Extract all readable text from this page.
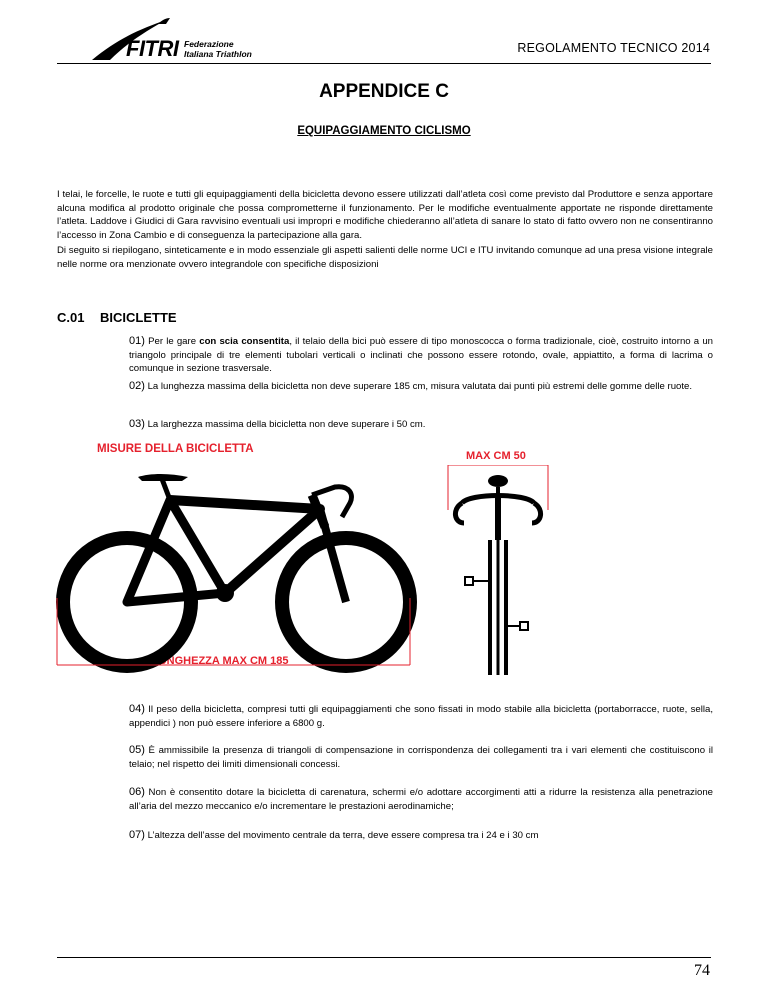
FITRI Federazione
Italiana Triathlon	REGOLAMENTO TECNICO 2014
APPENDICE C
EQUIPAGGIAMENTO CICLISMO
I telai, le forcelle, le ruote e tutti gli equipaggiamenti della bicicletta devono essere utilizzati dall’atleta così come previsto dal Produttore e senza apportare alcuna modifica al prodotto originale che possa comprometterne il funzionamento. Per le modifiche eventualmente apportate ne risponde direttamente l’atleta. Laddove i Giudici di Gara ravvisino eventuali usi impropri e modifiche chiederanno all’atleta di sanare lo stato di fatto ovvero non ne consentiranno l’accesso in Zona Cambio e di conseguenza la partecipazione alla gara.
Di seguito si riepilogano, sinteticamente e in modo essenziale gli aspetti salienti delle norme UCI e ITU invitando comunque ad una presa visione integrale nelle norme ora menzionate ovvero integrandole con specifiche disposizioni
C.01 BICICLETTE
01) Per le gare con scia consentita, il telaio della bici può essere di tipo monoscocca o forma tradizionale, cioè, costruito intorno a un triangolo principale di tre elementi tubolari verticali o inclinati che possono essere rotondo, ovale, appiattito, a forma di lacrima o comunque in sezione trasversale.
02) La lunghezza massima della bicicletta non deve superare 185 cm, misura valutata dai punti più estremi delle gomme delle ruote.
03) La larghezza massima della bicicletta non deve superare i 50 cm.
MISURE DELLA BICICLETTA
MAX CM 50
LUNGHEZZA MAX CM 185
04) Il peso della bicicletta, compresi tutti gli equipaggiamenti che sono fissati in modo stabile alla bicicletta (portaborracce, ruote, sella, appendici ) non può essere inferiore a 6800 g.
05) È ammissibile la presenza di triangoli di compensazione in corrispondenza dei collegamenti tra i vari elementi che costituiscono il telaio; nel rispetto dei limiti dimensionali concessi.
06) Non è consentito dotare la bicicletta di carenatura, schermi e/o adottare accorgimenti atti a ridurre la resistenza alla penetrazione all’aria del mezzo meccanico e/o incrementare le prestazioni aerodinamiche;
07) L’altezza dell’asse del movimento centrale da terra, deve essere compresa tra i 24 e i 30 cm
74
